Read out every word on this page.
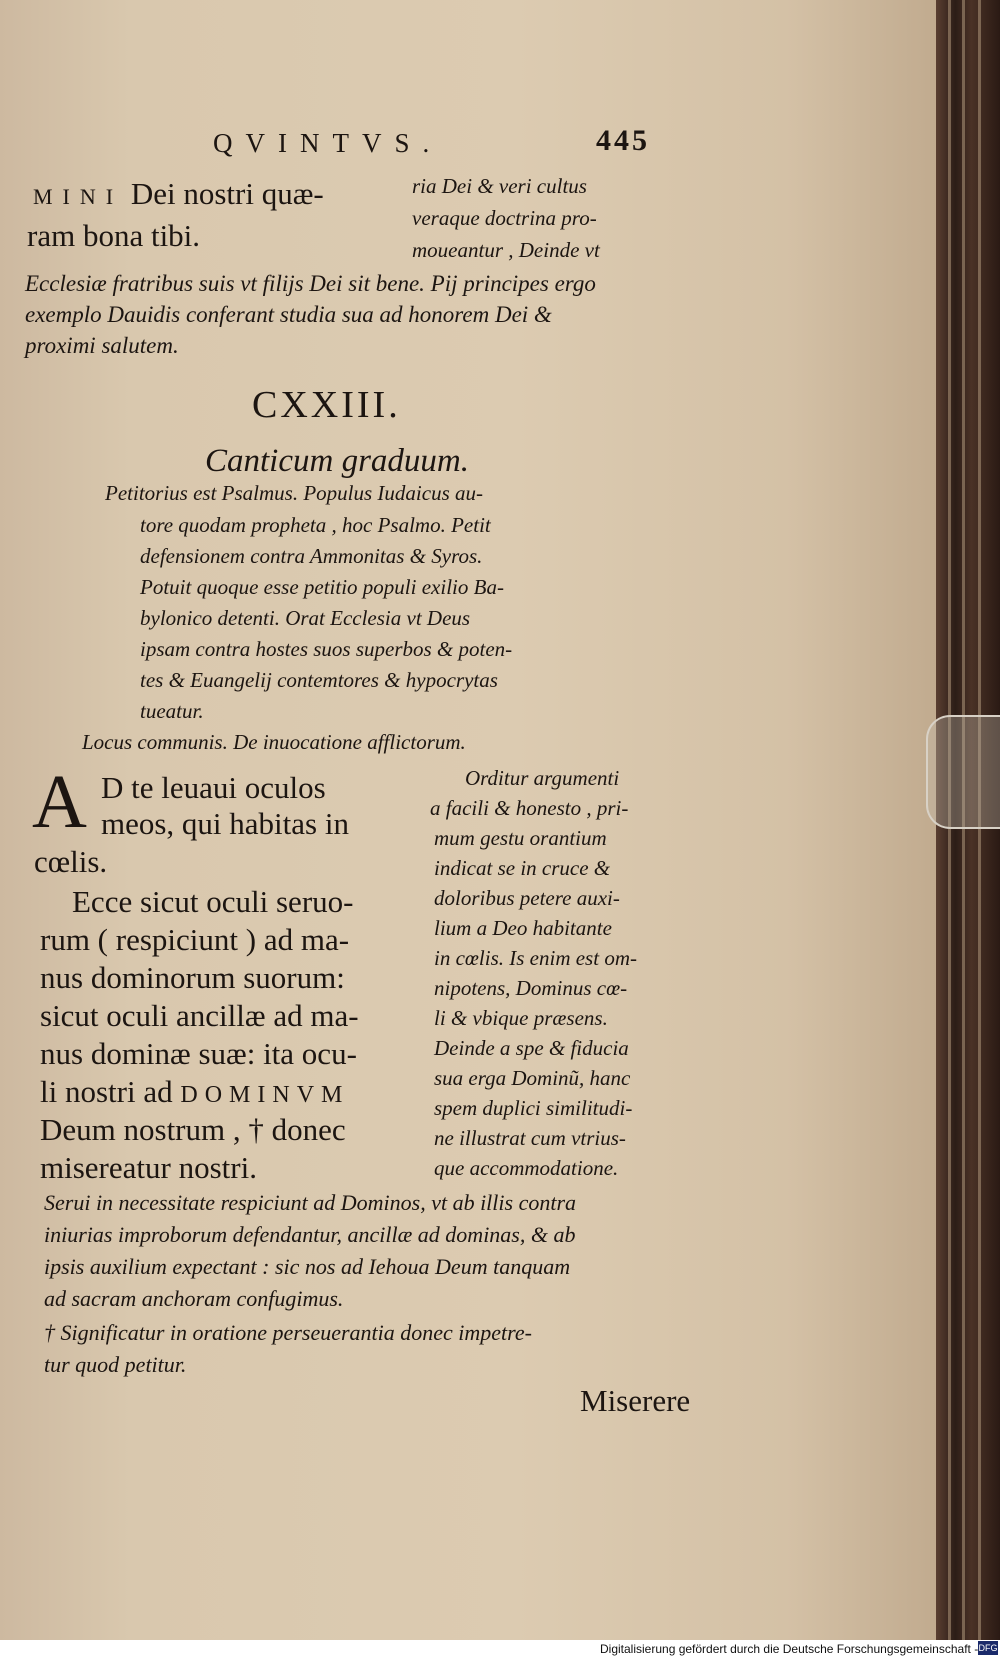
QVINTVS.	445
MINI Dei nostri quæ-
ram bona tibi.
ria Dei & veri cultus
veraque doctrina pro-
moueantur , Deinde vt
Ecclesiæ fratribus suis vt filijs Dei sit bene. Pij principes ergo
exemplo Dauidis conferant studia sua ad honorem Dei &
proximi salutem.
CXXIII.
Canticum graduum.
Petitorius est Psalmus. Populus Iudaicus au-
tore quodam propheta , hoc Psalmo. Petit
defensionem contra Ammonitas & Syros.
Potuit quoque esse petitio populi exilio Ba-
bylonico detenti. Orat Ecclesia vt Deus
ipsam contra hostes suos superbos & poten-
tes & Euangelij contemtores & hypocrytas
tueatur.
Locus communis. De inuocatione afflictorum.
A D te leuaui oculos
meos, qui habitas in
cœlis.
Ecce sicut oculi seruo-
rum ( respiciunt ) ad ma-
nus dominorum suorum:
sicut oculi ancillæ ad ma-
nus dominæ suæ: ita ocu-
li nostri ad DOMINVM
Deum nostrum , † donec
misereatur nostri.
Orditur argumenti
a facili & honesto , pri-
mum gestu orantium
indicat se in cruce &
doloribus petere auxi-
lium a Deo habitante
in cœlis. Is enim est om-
nipotens, Dominus cœ-
li & vbique præsens.
Deinde a spe & fiducia
sua erga Dominũ, hanc
spem duplici similitudi-
ne illustrat cum vtrius-
que accommodatione.
Serui in necessitate respiciunt ad Dominos, vt ab illis contra
iniurias improborum defendantur, ancillæ ad dominas, & ab
ipsis auxilium expectant : sic nos ad Iehoua Deum tanquam
ad sacram anchoram confugimus.
† Significatur in oratione perseuerantia donec impetre-
tur quod petitur.
Miserere
Digitalisierung gefördert durch die Deutsche Forschungsgemeinschaft - DFG
